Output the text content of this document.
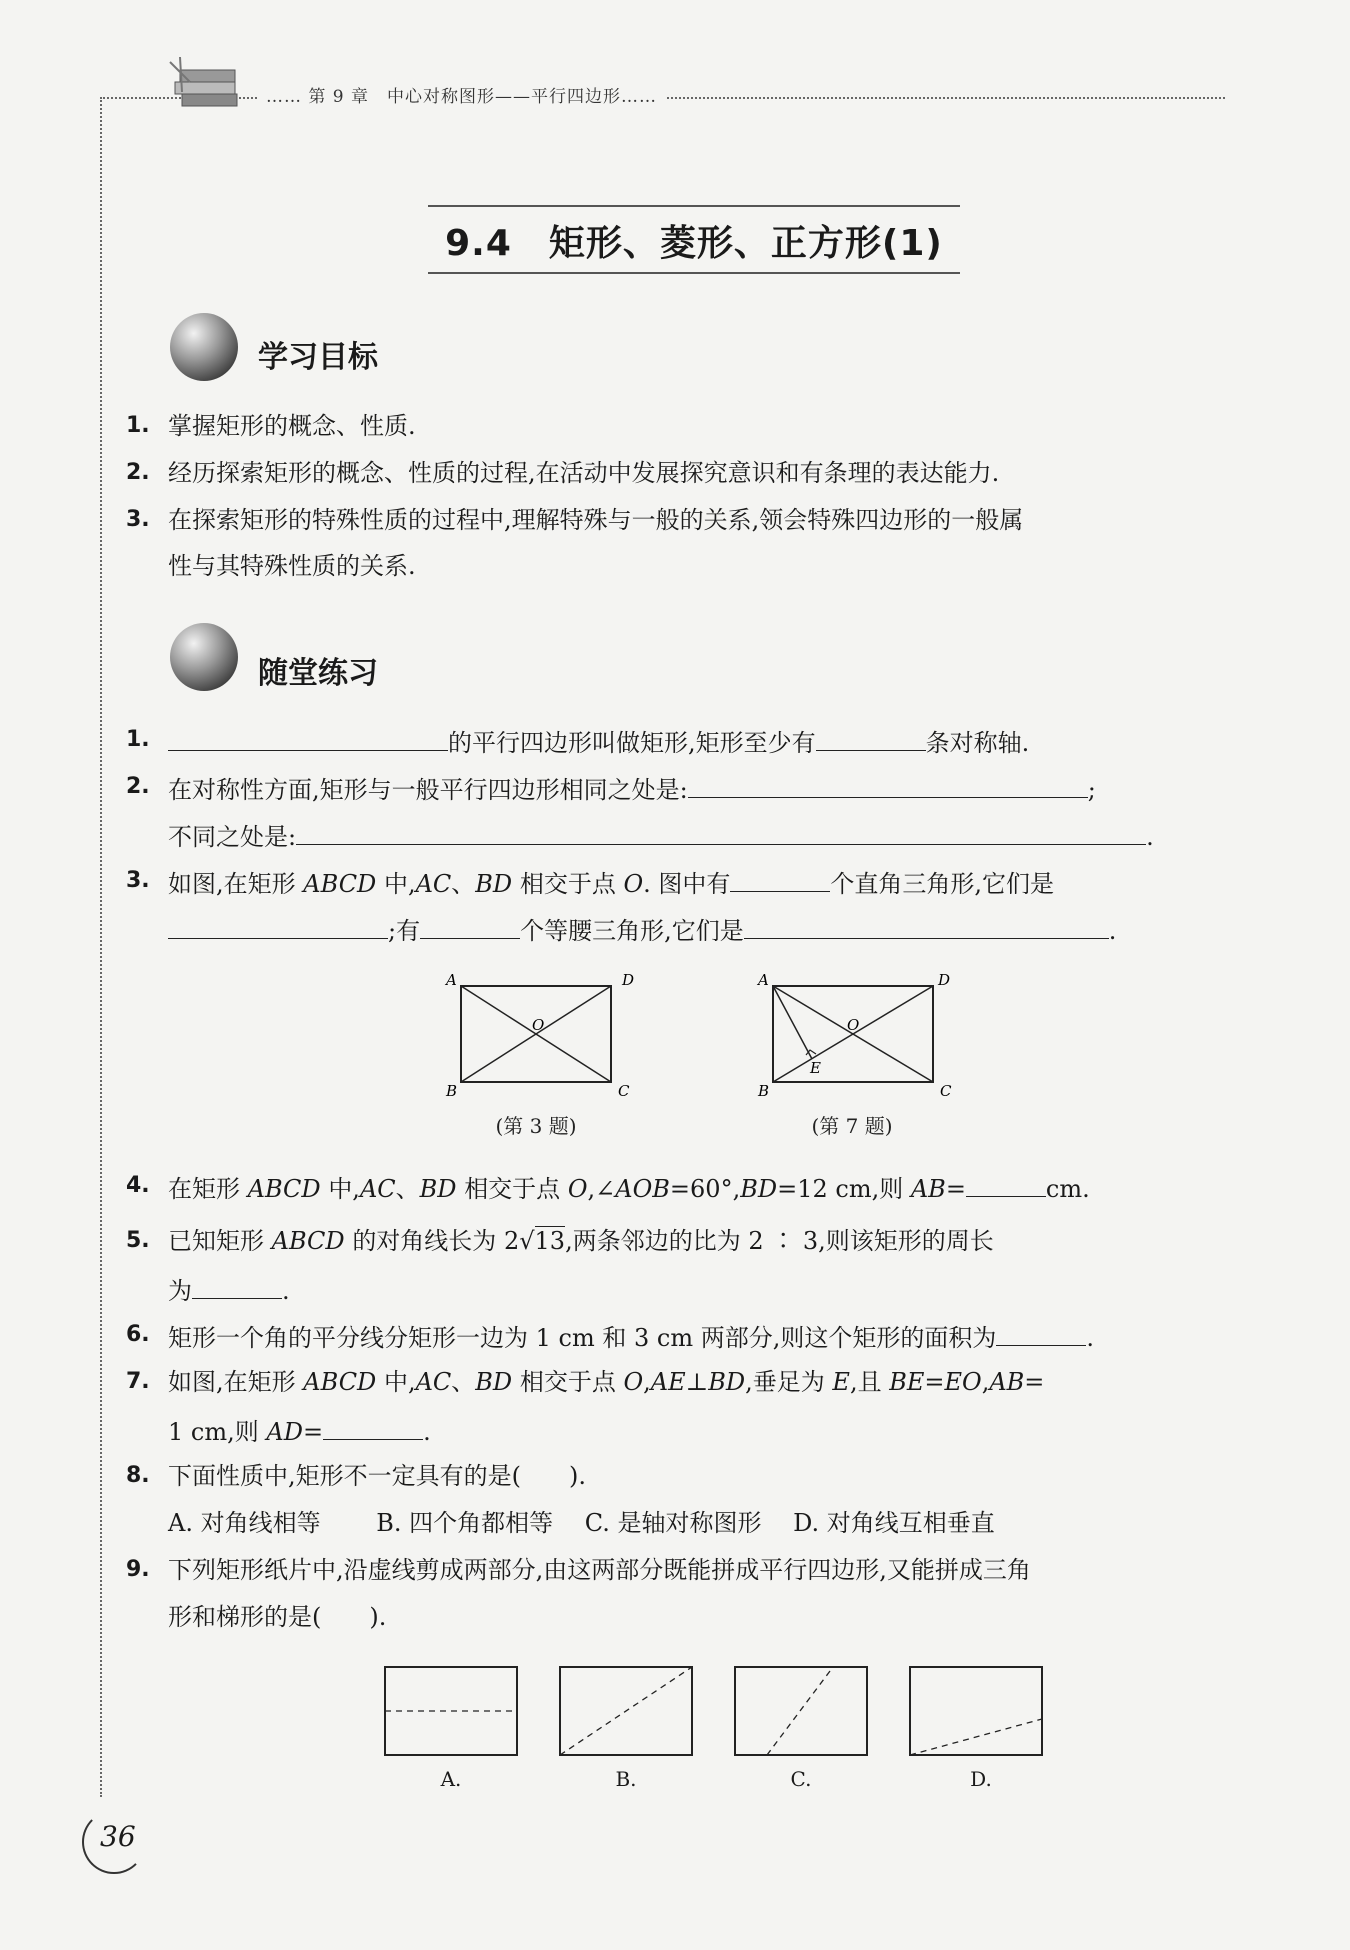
…… 第 9 章　中心对称图形——平行四边形……
9.4　矩形、菱形、正方形(1)
学习目标
1. 掌握矩形的概念、性质.
2. 经历探索矩形的概念、性质的过程,在活动中发展探究意识和有条理的表达能力.
3. 在探索矩形的特殊性质的过程中,理解特殊与一般的关系,领会特殊四边形的一般属
性与其特殊性质的关系.
随堂练习
1.	的平行四边形叫做矩形,矩形至少有	条对称轴.
2. 在对称性方面,矩形与一般平行四边形相同之处是:	;
不同之处是:	.
3. 如图,在矩形 ABCD 中,AC、BD 相交于点 O. 图中有	个直角三角形,它们是
;有	个等腰三角形,它们是	.
A	D
B	C
O
(第 3 题)
A	D
B	C
O
E
(第 7 题)
4. 在矩形 ABCD 中,AC、BD 相交于点 O,∠AOB=60°,BD=12 cm,则 AB=	cm.
5. 已知矩形 ABCD 的对角线长为 2√13,两条邻边的比为 2 ∶ 3,则该矩形的周长
为	.
6. 矩形一个角的平分线分矩形一边为 1 cm 和 3 cm 两部分,则这个矩形的面积为	.
7. 如图,在矩形 ABCD 中,AC、BD 相交于点 O,AE⊥BD,垂足为 E,且 BE=EO,AB=
1 cm,则 AD=	.
8. 下面性质中,矩形不一定具有的是(　　).
A. 对角线相等　　 B. 四个角都相等　 C. 是轴对称图形　 D. 对角线互相垂直
9. 下列矩形纸片中,沿虚线剪成两部分,由这两部分既能拼成平行四边形,又能拼成三角
形和梯形的是(　　).
A.	B.	C.	D.
36
